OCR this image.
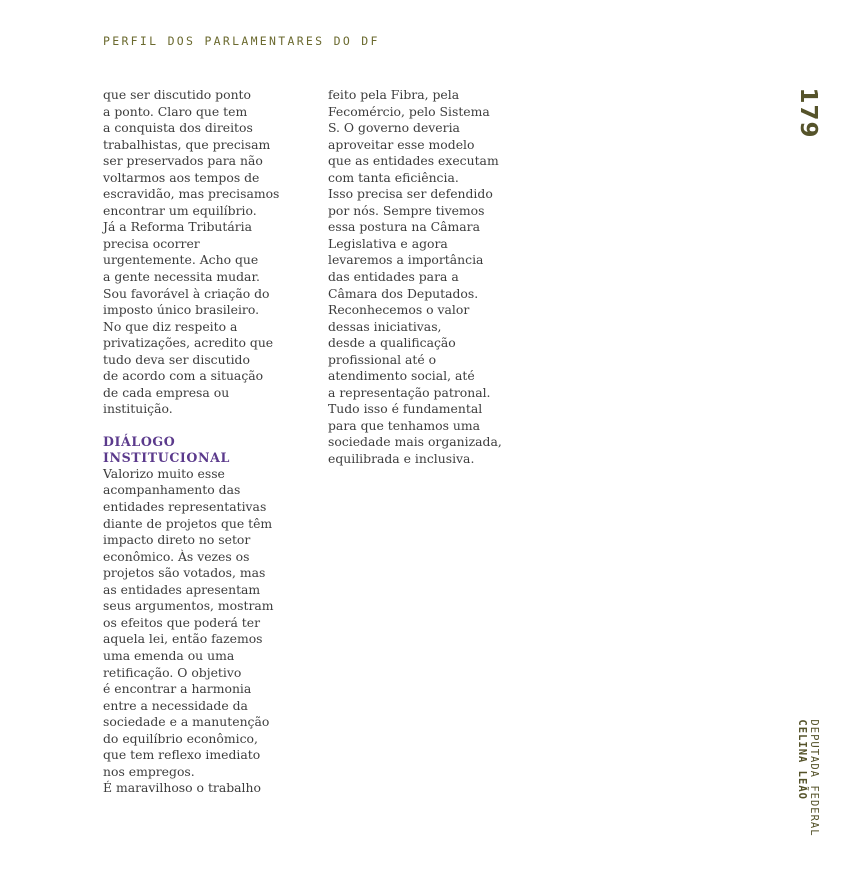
PERFIL DOS PARLAMENTARES DO DF
que ser discutido ponto
a ponto. Claro que tem
a conquista dos direitos
trabalhistas, que precisam
ser preservados para não
voltarmos aos tempos de
escravidão, mas precisamos
encontrar um equilíbrio.
Já a Reforma Tributária
precisa ocorrer
urgentemente. Acho que
a gente necessita mudar.
Sou favorável à criação do
imposto único brasileiro.
No que diz respeito a
privatizações, acredito que
tudo deva ser discutido
de acordo com a situação
de cada empresa ou
instituição.
DIÁLOGO
INSTITUCIONAL
Valorizo muito esse
acompanhamento das
entidades representativas
diante de projetos que têm
impacto direto no setor
econômico. Às vezes os
projetos são votados, mas
as entidades apresentam
seus argumentos, mostram
os efeitos que poderá ter
aquela lei, então fazemos
uma emenda ou uma
retificação. O objetivo
é encontrar a harmonia
entre a necessidade da
sociedade e a manutenção
do equilíbrio econômico,
que tem reflexo imediato
nos empregos.
É maravilhoso o trabalho
feito pela Fibra, pela
Fecomércio, pelo Sistema
S. O governo deveria
aproveitar esse modelo
que as entidades executam
com tanta eficiência.
Isso precisa ser defendido
por nós. Sempre tivemos
essa postura na Câmara
Legislativa e agora
levaremos a importância
das entidades para a
Câmara dos Deputados.
Reconhecemos o valor
dessas iniciativas,
desde a qualificação
profissional até o
atendimento social, até
a representação patronal.
Tudo isso é fundamental
para que tenhamos uma
sociedade mais organizada,
equilibrada e inclusiva.
179
DEPUTADA FEDERAL
CELINA LEÃO
